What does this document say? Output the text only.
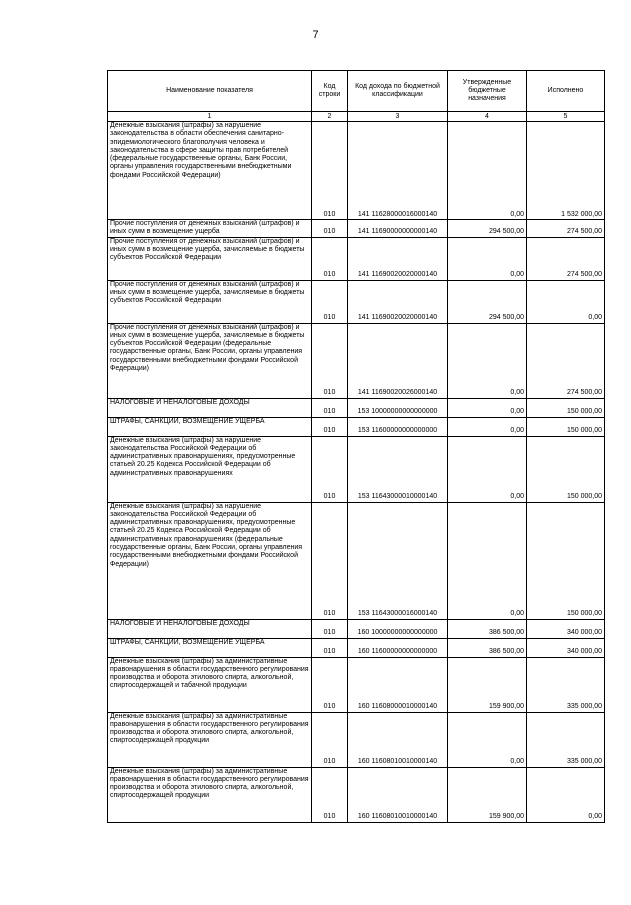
7
Наименование показателя	Код строки	Код дохода по бюджетной классификации	Утвержденные бюджетные назначения	Исполнено
1	2	3	4	5
Денежные взыскания (штрафы) за нарушение законодательства в области обеспечения санитарно-эпидемиологического благополучия человека и законодательства в сфере защиты прав потребителей (федеральные государственные органы, Банк России, органы управления государственными внебюджетными фондами Российской Федерации)	010	141 11628000016000140	0,00	1 532 000,00
Прочие поступления от денежных взысканий (штрафов) и иных сумм в возмещение ущерба	010	141 11690000000000140	294 500,00	274 500,00
Прочие поступления от денежных взысканий (штрафов) и иных сумм в возмещение ущерба, зачисляемые в бюджеты субъектов Российской Федерации	010	141 11690020020000140	0,00	274 500,00
Прочие поступления от денежных взысканий (штрафов) и иных сумм в возмещение ущерба, зачисляемые в бюджеты субъектов Российской Федерации	010	141 11690020020000140	294 500,00	0,00
Прочие поступления от денежных взысканий (штрафов) и иных сумм в возмещение ущерба, зачисляемые в бюджеты субъектов Российской Федерации (федеральные государственные органы, Банк России, органы управления государственными внебюджетными фондами Российской Федерации)	010	141 11690020026000140	0,00	274 500,00
НАЛОГОВЫЕ И НЕНАЛОГОВЫЕ ДОХОДЫ	010	153 10000000000000000	0,00	150 000,00
ШТРАФЫ, САНКЦИИ, ВОЗМЕЩЕНИЕ УЩЕРБА	010	153 11600000000000000	0,00	150 000,00
Денежные взыскания (штрафы) за нарушение законодательства Российской Федерации об административных правонарушениях, предусмотренные статьей 20.25 Кодекса Российской Федерации об административных правонарушениях	010	153 11643000010000140	0,00	150 000,00
Денежные взыскания (штрафы) за нарушение законодательства Российской Федерации об административных правонарушениях, предусмотренные статьей 20.25 Кодекса Российской Федерации об административных правонарушениях (федеральные государственные органы, Банк России, органы управления государственными внебюджетными фондами Российской Федерации)	010	153 11643000016000140	0,00	150 000,00
НАЛОГОВЫЕ И НЕНАЛОГОВЫЕ ДОХОДЫ	010	160 10000000000000000	386 500,00	340 000,00
ШТРАФЫ, САНКЦИИ, ВОЗМЕЩЕНИЕ УЩЕРБА	010	160 11600000000000000	386 500,00	340 000,00
Денежные взыскания (штрафы) за административные правонарушения в области государственного регулирования производства и оборота этилового спирта, алкогольной, спиртосодержащей и табачной продукции	010	160 11608000010000140	159 900,00	335 000,00
Денежные взыскания (штрафы) за административные правонарушения в области государственного регулирования производства и оборота этилового спирта, алкогольной, спиртосодержащей продукции	010	160 11608010010000140	0,00	335 000,00
Денежные взыскания (штрафы) за административные правонарушения в области государственного регулирования производства и оборота этилового спирта, алкогольной, спиртосодержащей продукции	010	160 11608010010000140	159 900,00	0,00
